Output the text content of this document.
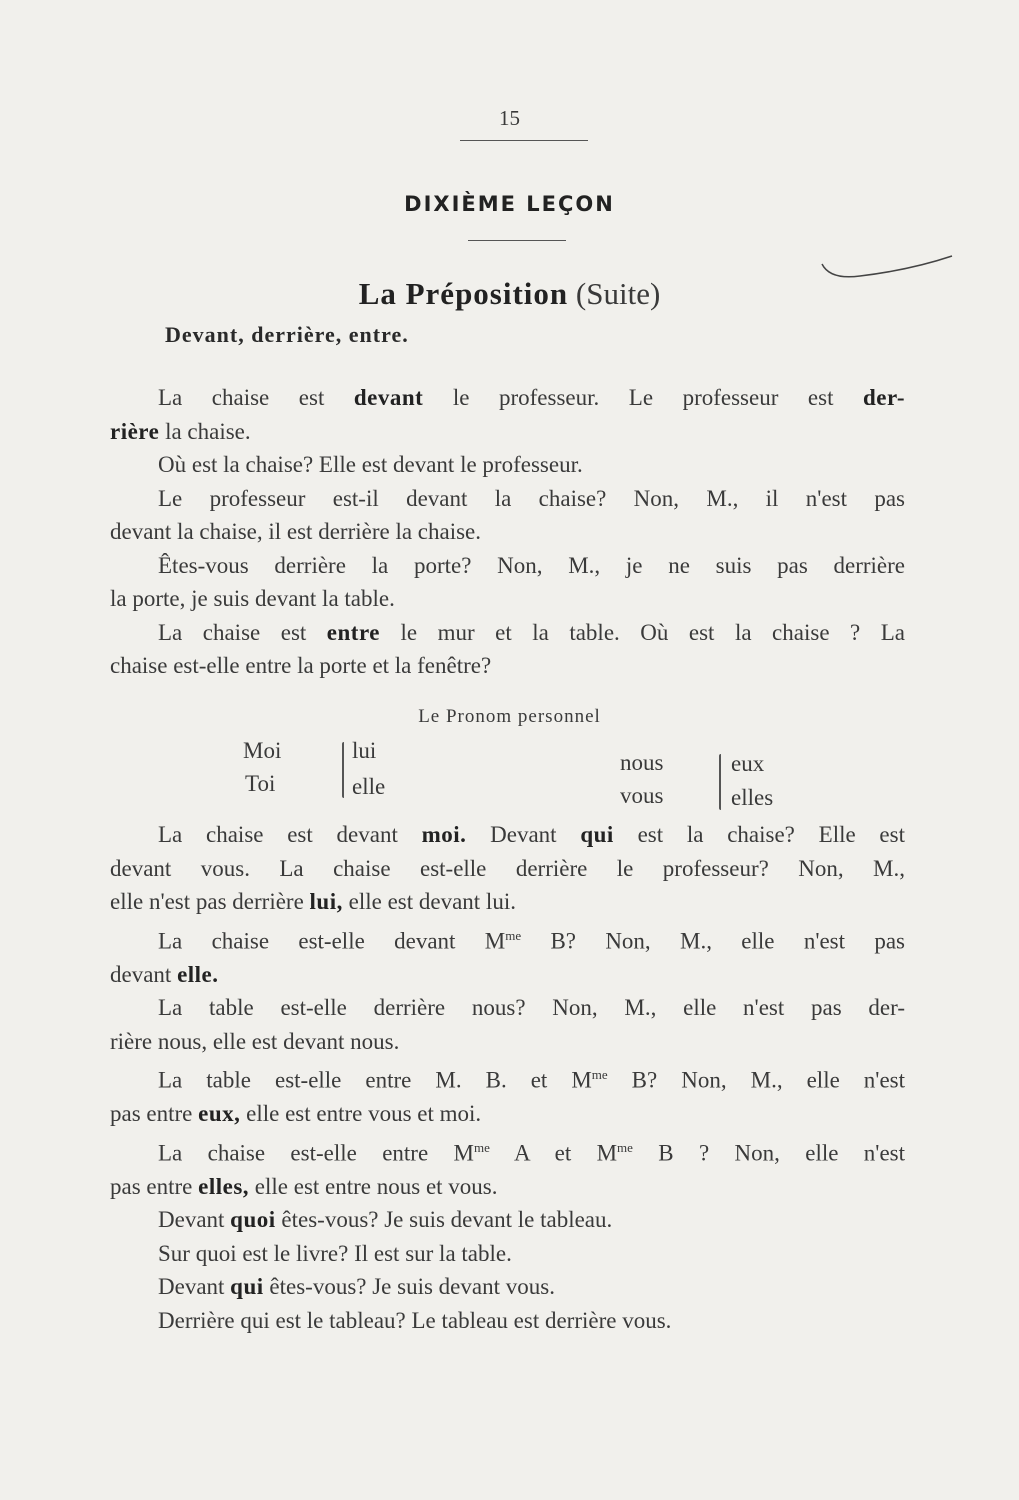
15
DIXIÈME LEÇON
La Préposition (Suite)
Devant, derrière, entre.
La chaise est devant le professeur. Le professeur est der-
rière la chaise.
Où est la chaise? Elle est devant le professeur.
Le professeur est-il devant la chaise? Non, M., il n'est pas
devant la chaise, il est derrière la chaise.
Êtes-vous derrière la porte? Non, M., je ne suis pas derrière
la porte, je suis devant la table.
La chaise est entre le mur et la table. Où est la chaise ? La
chaise est-elle entre la porte et la fenêtre?
Le Pronom personnel
Moi
Toi
lui
elle
nous
vous
eux
elles
La chaise est devant moi. Devant qui est la chaise? Elle est
devant vous. La chaise est-elle derrière le professeur? Non, M.,
elle n'est pas derrière lui, elle est devant lui.
La chaise est-elle devant $M^{me}$ B? Non, M., elle n'est pas
devant elle.
La table est-elle derrière nous? Non, M., elle n'est pas der-
rière nous, elle est devant nous.
La table est-elle entre M. B. et $M^{me}$ B? Non, M., elle n'est
pas entre eux, elle est entre vous et moi.
La chaise est-elle entre $M^{me}$ A et $M^{me}$ B ? Non, elle n'est
pas entre elles, elle est entre nous et vous.
Devant quoi êtes-vous? Je suis devant le tableau.
Sur quoi est le livre? Il est sur la table.
Devant qui êtes-vous? Je suis devant vous.
Derrière qui est le tableau? Le tableau est derrière vous.
